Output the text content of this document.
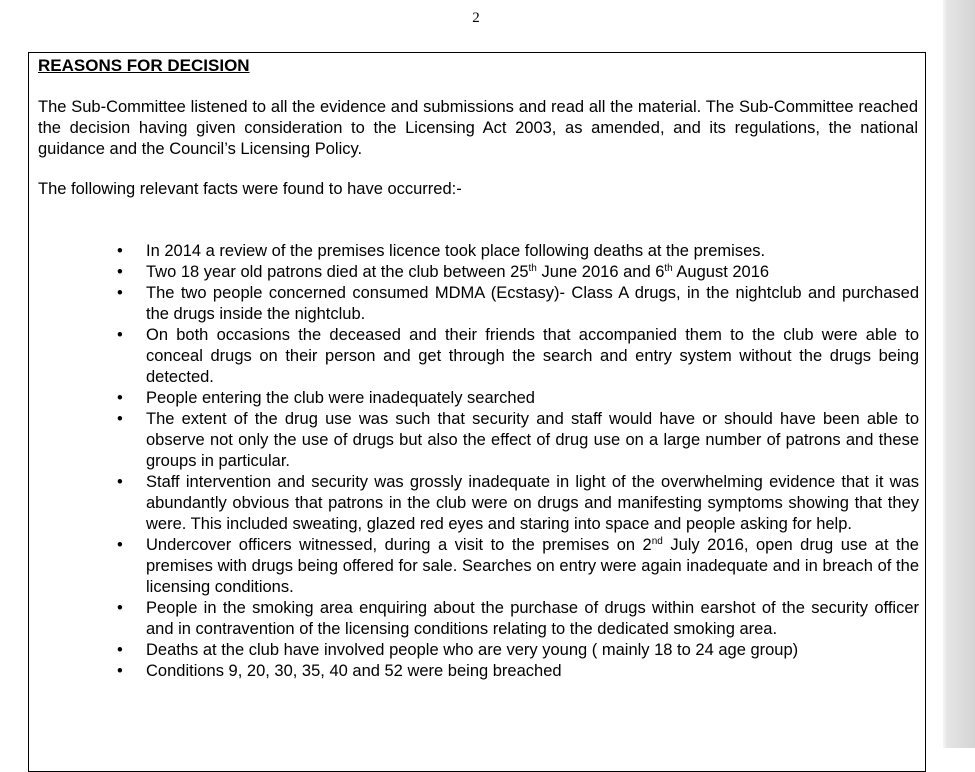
2
REASONS FOR DECISION

The Sub-Committee listened to all the evidence and submissions and read all the material. The Sub-Committee reached the decision having given consideration to the Licensing Act 2003, as amended, and its regulations, the national guidance and the Council’s Licensing Policy.

The following relevant facts were found to have occurred:-

• In 2014 a review of the premises licence took place following deaths at the premises.
• Two 18 year old patrons died at the club between 25th June 2016 and 6th August 2016
• The two people concerned consumed MDMA (Ecstasy)- Class A drugs, in the nightclub and purchased the drugs inside the nightclub.
• On both occasions the deceased and their friends that accompanied them to the club were able to conceal drugs on their person and get through the search and entry system without the drugs being detected.
• People entering the club were inadequately searched
• The extent of the drug use was such that security and staff would have or should have been able to observe not only the use of drugs but also the effect of drug use on a large number of patrons and these groups in particular.
• Staff intervention and security was grossly inadequate in light of the overwhelming evidence that it was abundantly obvious that patrons in the club were on drugs and manifesting symptoms showing that they were. This included sweating, glazed red eyes and staring into space and people asking for help.
• Undercover officers witnessed, during a visit to the premises on 2nd July 2016, open drug use at the premises with drugs being offered for sale. Searches on entry were again inadequate and in breach of the licensing conditions.
• People in the smoking area enquiring about the purchase of drugs within earshot of the security officer and in contravention of the licensing conditions relating to the dedicated smoking area.
• Deaths at the club have involved people who are very young ( mainly 18 to 24 age group)
• Conditions 9, 20, 30, 35, 40 and 52 were being breached
